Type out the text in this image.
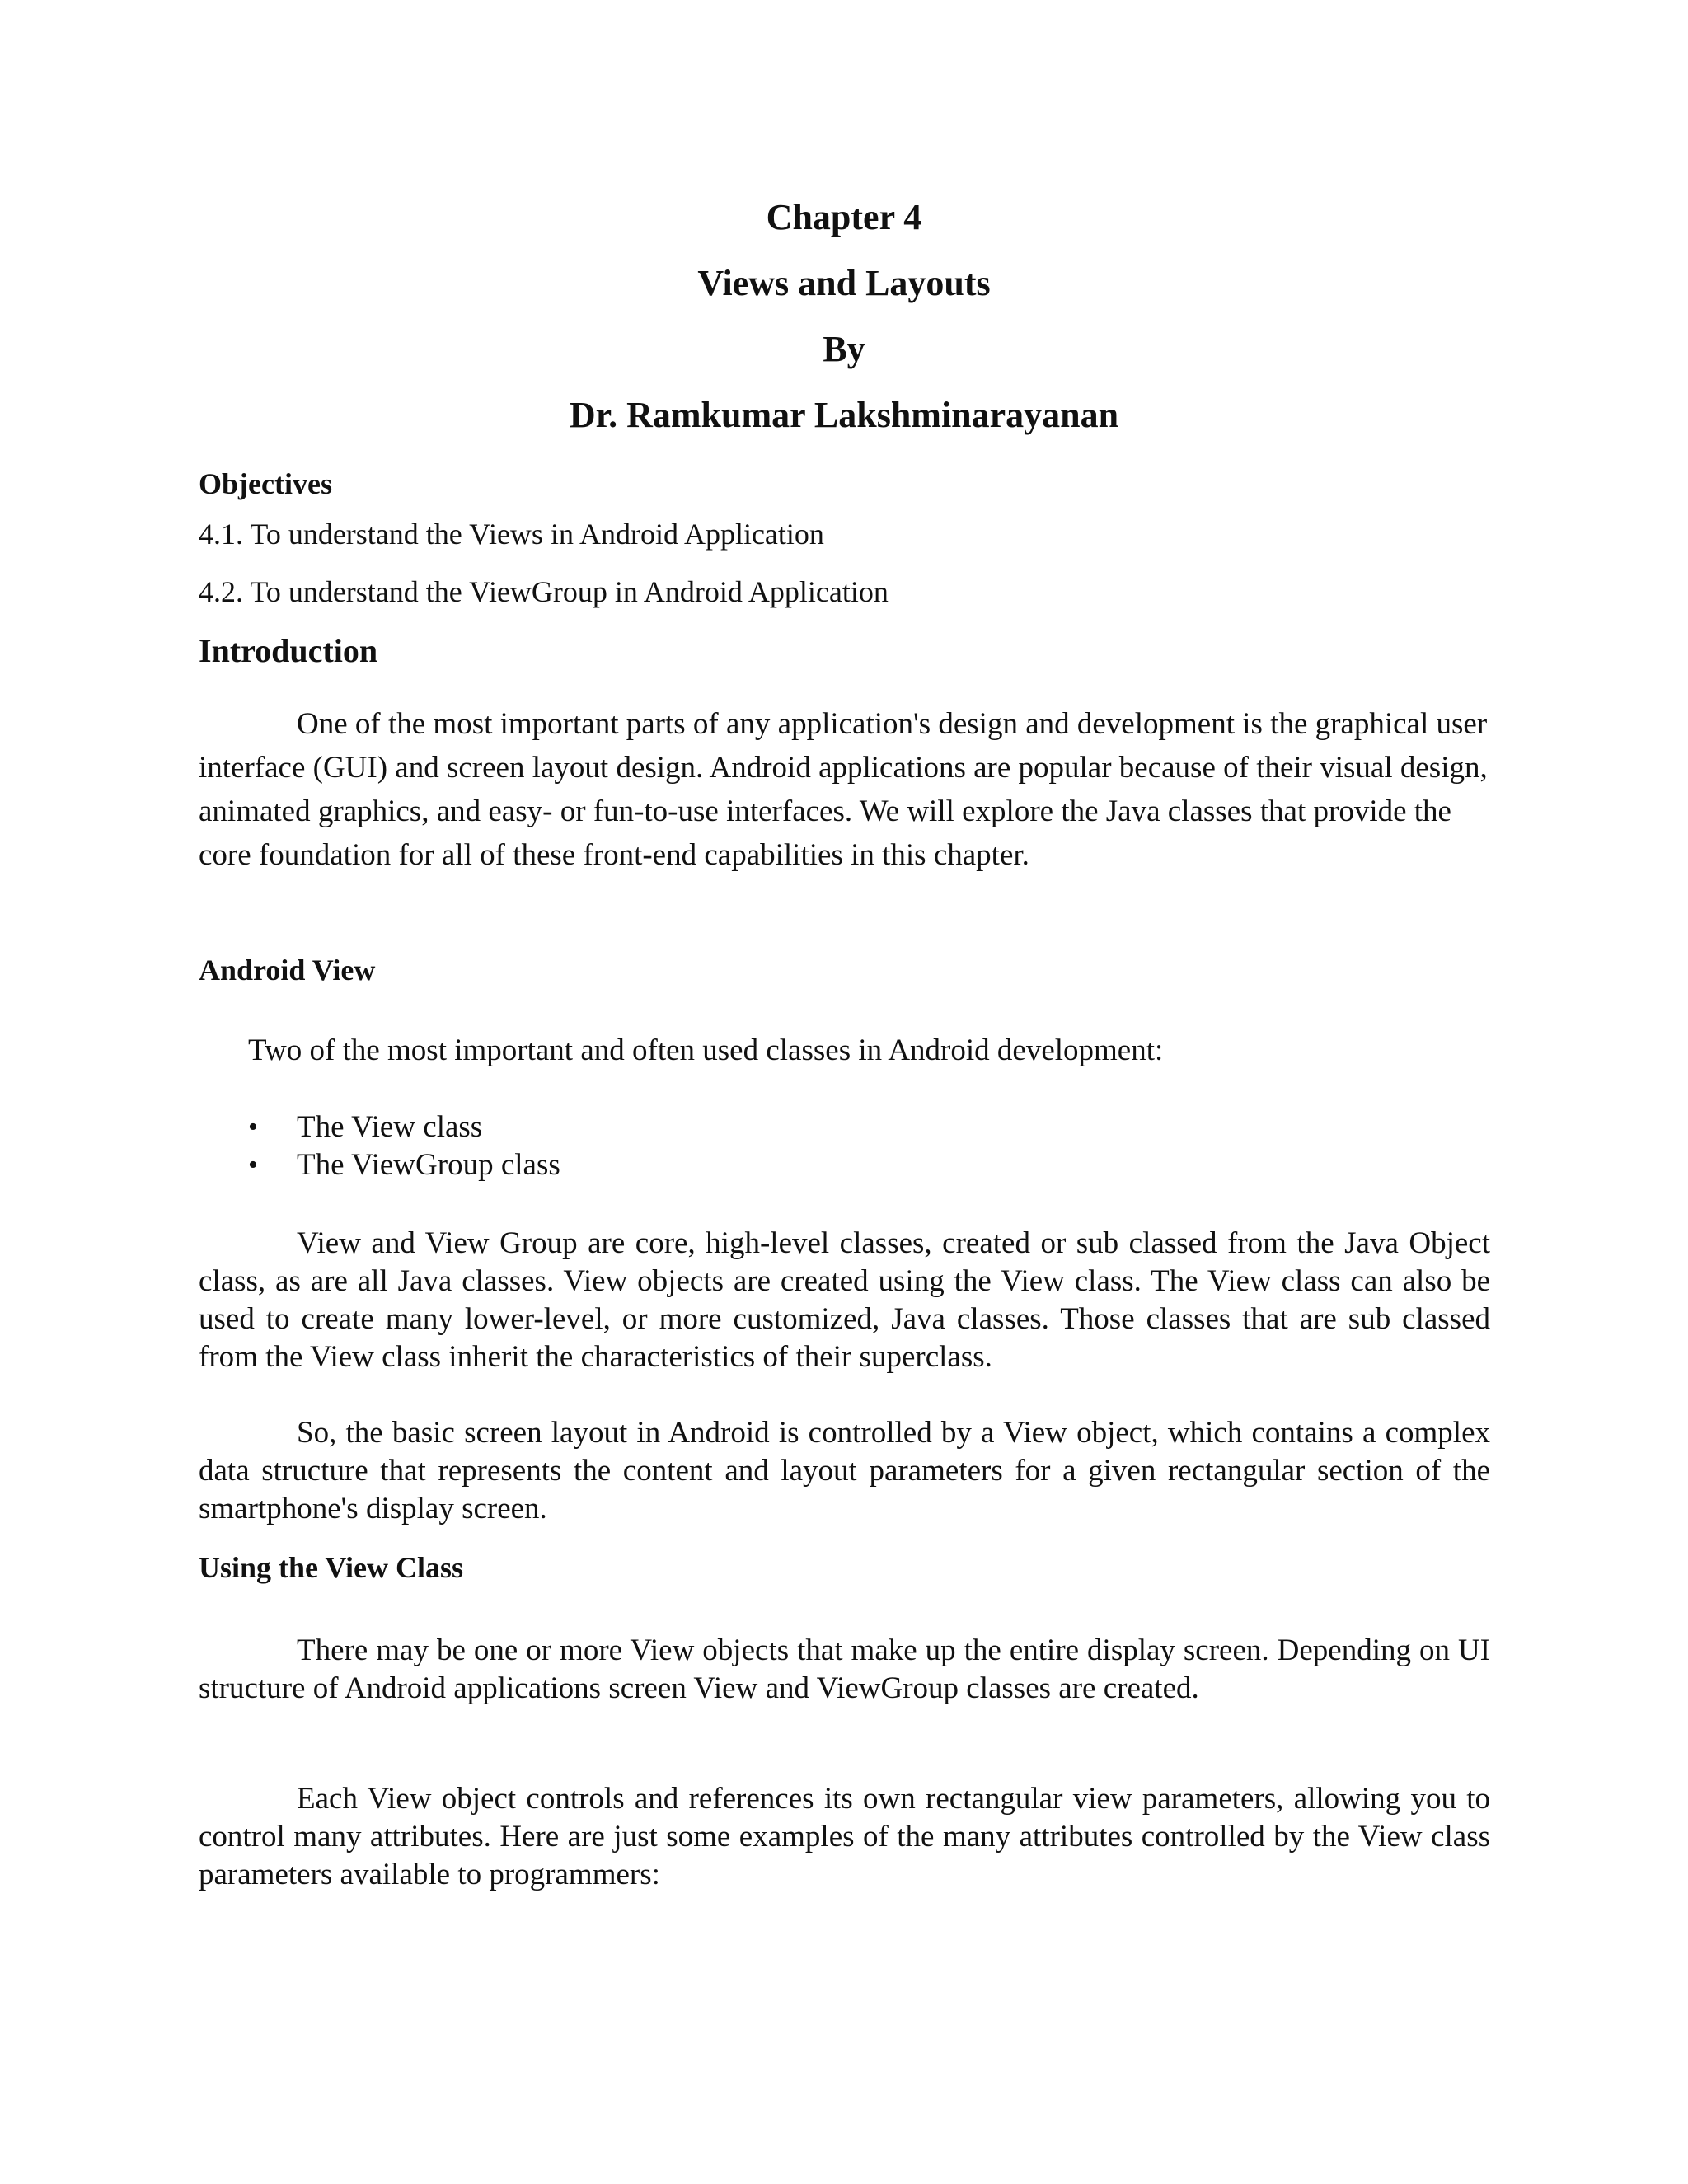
Chapter 4
Views and Layouts
By
Dr. Ramkumar Lakshminarayanan
Objectives

4.1. To understand the Views in Android Application

4.2. To understand the ViewGroup in Android Application

Introduction

One of the most important parts of any application's design and development is the graphical user interface (GUI) and screen layout design. Android applications are popular because of their visual design, animated graphics, and easy- or fun-to-use interfaces. We will explore the Java classes that provide the core foundation for all of these front-end capabilities in this chapter.

Android View

Two of the most important and often used classes in Android development:

• The View class
• The ViewGroup class

View and View Group are core, high-level classes, created or sub classed from the Java Object class, as are all Java classes. View objects are created using the View class. The View class can also be used to create many lower-level, or more customized, Java classes. Those classes that are sub classed from the View class inherit the characteristics of their superclass.

So, the basic screen layout in Android is controlled by a View object, which contains a complex data structure that represents the content and layout parameters for a given rectangular section of the smartphone's display screen.

Using the View Class

There may be one or more View objects that make up the entire display screen. Depending on UI structure of Android applications screen View and ViewGroup classes are created.

Each View object controls and references its own rectangular view parameters, allowing you to control many attributes. Here are just some examples of the many attributes controlled by the View class parameters available to programmers:
